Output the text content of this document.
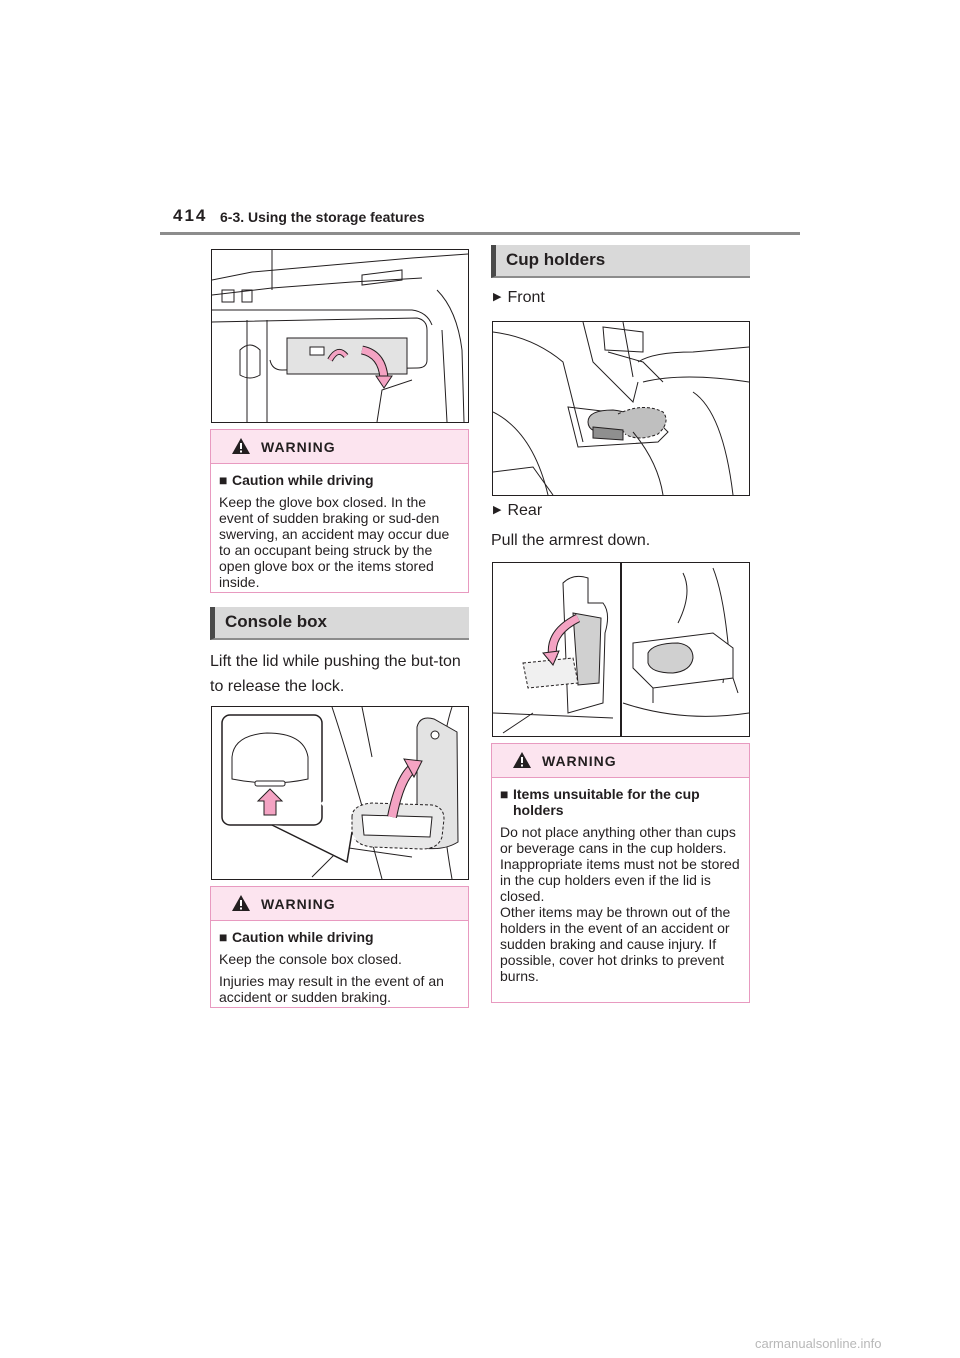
414 6-3. Using the storage features
WARNING
■ Caution while driving

Keep the glove box closed. In the event of sudden braking or sud-den swerving, an accident may occur due to an occupant being struck by the open glove box or the items stored inside.

Console box
Lift the lid while pushing the but-ton to release the lock.
WARNING
■ Caution while driving

Keep the console box closed.

Injuries may result in the event of an accident or sudden braking.

Cup holders
▶ Front
▶ Rear
Pull the armrest down.
WARNING
■ Items unsuitable for the cup holders

Do not place anything other than cups or beverage cans in the cup holders.
Inappropriate items must not be stored in the cup holders even if the lid is closed.
Other items may be thrown out of the holders in the event of an accident or sudden braking and cause injury. If possible, cover hot drinks to prevent burns.

carmanualsonline.info
